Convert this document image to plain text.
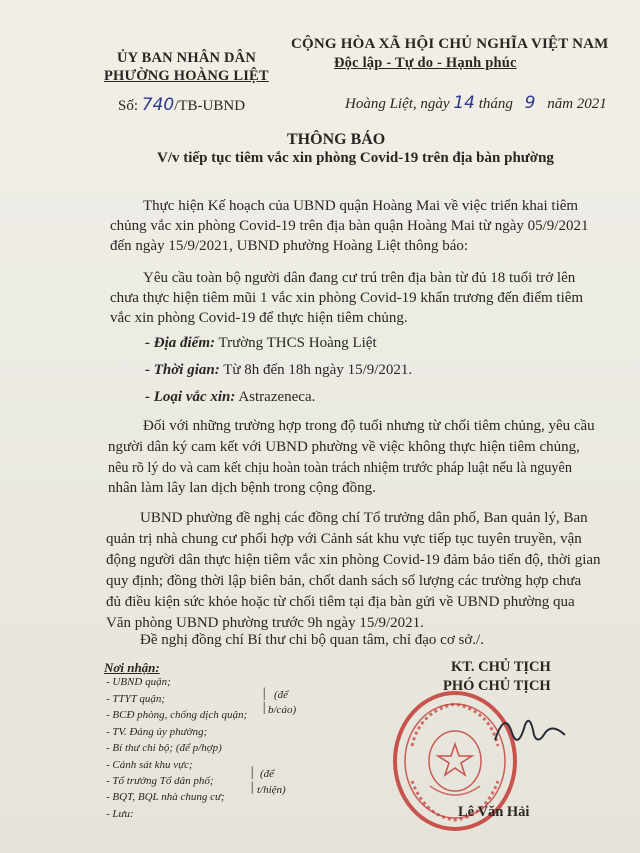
ỦY BAN NHÂN DÂN
PHƯỜNG HOÀNG LIỆT
CỘNG HÒA XÃ HỘI CHỦ NGHĨA VIỆT NAM
Độc lập - Tự do - Hạnh phúc
Số: 740/TB-UBND	Hoàng Liệt, ngày 14 tháng 9 năm 2021
THÔNG BÁO
V/v tiếp tục tiêm vắc xin phòng Covid-19 trên địa bàn phường
Thực hiện Kế hoạch của UBND quận Hoàng Mai về việc triển khai tiêm
chủng vắc xin phòng Covid-19 trên địa bàn quận Hoàng Mai từ ngày 05/9/2021
đến ngày 15/9/2021, UBND phường Hoàng Liệt thông báo:
Yêu cầu toàn bộ người dân đang cư trú trên địa bàn từ đủ 18 tuổi trở lên
chưa thực hiện tiêm mũi 1 vắc xin phòng Covid-19 khẩn trương đến điểm tiêm
vắc xin phòng Covid-19 để thực hiện tiêm chủng.
- Địa điểm: Trường THCS Hoàng Liệt
- Thời gian: Từ 8h đến 18h ngày 15/9/2021.
- Loại vắc xin: Astrazeneca.
Đối với những trường hợp trong độ tuổi nhưng từ chối tiêm chủng, yêu cầu
người dân ký cam kết với UBND phường về việc không thực hiện tiêm chủng,
nêu rõ lý do và cam kết chịu hoàn toàn trách nhiệm trước pháp luật nếu là nguyên
nhân làm lây lan dịch bệnh trong cộng đồng.
UBND phường đề nghị các đồng chí Tổ trưởng dân phố, Ban quản lý, Ban
quản trị nhà chung cư phối hợp với Cảnh sát khu vực tiếp tục tuyên truyền, vận
động người dân thực hiện tiêm vắc xin phòng Covid-19 đảm bảo tiến độ, thời gian
quy định; đồng thời lập biên bản, chốt danh sách số lượng các trường hợp chưa
đủ điều kiện sức khỏe hoặc từ chối tiêm tại địa bàn gửi về UBND phường qua
Văn phòng UBND phường trước 9h ngày 15/9/2021.
Đề nghị đồng chí Bí thư chi bộ quan tâm, chỉ đạo cơ sở./.
Nơi nhận:
- UBND quận;
- TTYT quận;
- BCĐ phòng, chống dịch quận;
- TV. Đảng ủy phường;
- Bí thư chi bộ; (để p/hợp)
- Cảnh sát khu vực;
- Tổ trưởng Tổ dân phố;
- BQT, BQL nhà chung cư;
- Lưu:
|
|
(để
b/cáo)
|
|
(để
t/hiện)
KT. CHỦ TỊCH
PHÓ CHỦ TỊCH
Lê Văn Hải
